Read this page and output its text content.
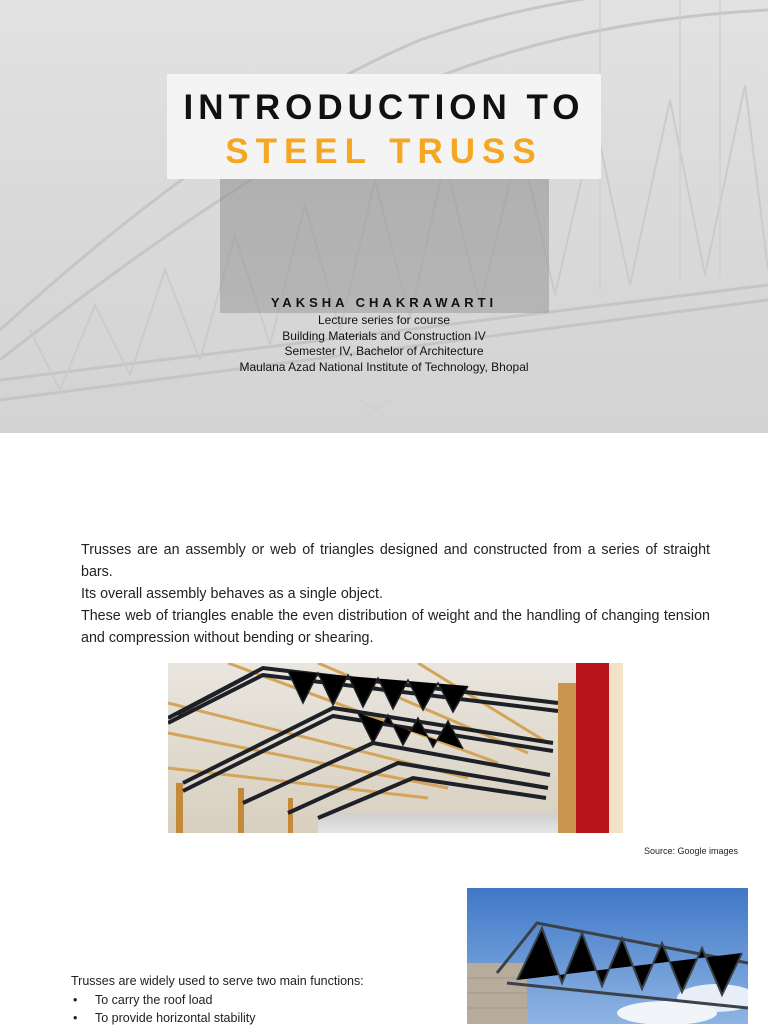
INTRODUCTION TO
STEEL TRUSS
YAKSHA CHAKRAWARTI
Lecture series for course
Building Materials and Construction IV
Semester IV, Bachelor of Architecture
Maulana Azad National Institute of Technology, Bhopal

Trusses are an assembly or web of triangles designed and constructed from a series of straight bars.

Its overall assembly behaves as a single object.

These web of triangles enable the even distribution of weight and the handling of changing tension and compression without bending or shearing.

Source: Google images
Trusses are widely used to serve two main functions:
• To carry the roof load
• To provide horizontal stability
